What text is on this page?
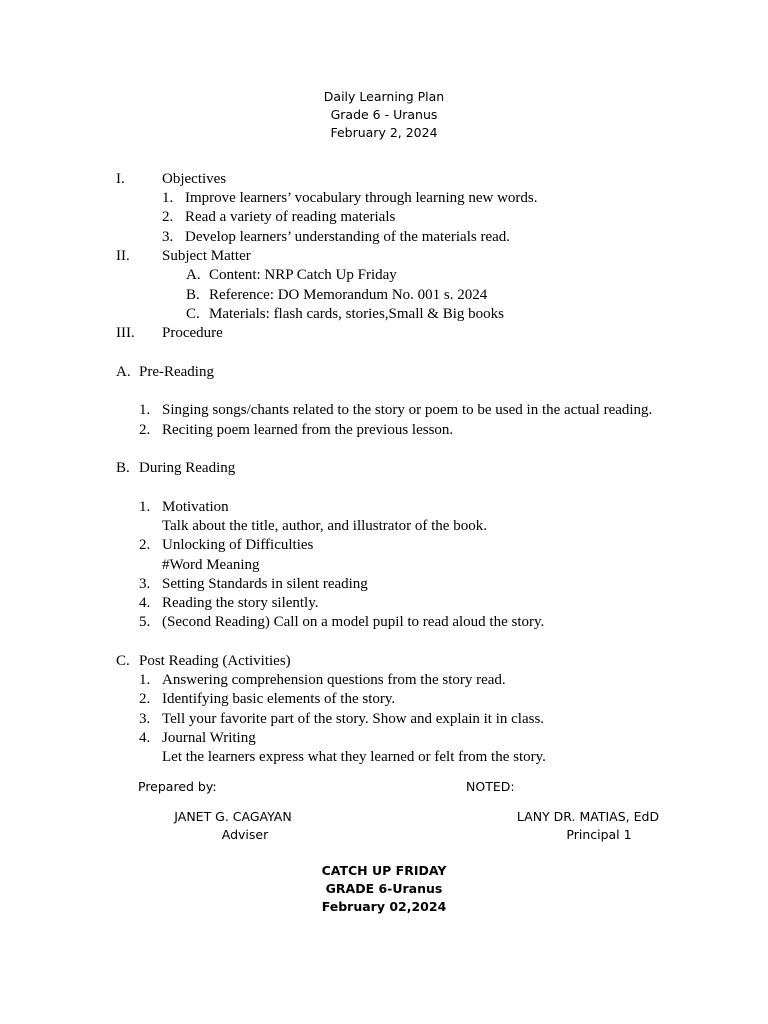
Daily Learning Plan
Grade 6 - Uranus
February 2, 2024
I. Objectives
1. Improve learners’ vocabulary through learning new words.
2. Read a variety of reading materials
3. Develop learners’ understanding of the materials read.
II. Subject Matter
A. Content: NRP Catch Up Friday
B. Reference: DO Memorandum No. 001 s. 2024
C. Materials: flash cards, stories,Small & Big books
III. Procedure
A. Pre-Reading
1. Singing songs/chants related to the story or poem to be used in the actual reading.
2. Reciting poem learned from the previous lesson.
B. During Reading
1. Motivation
Talk about the title, author, and illustrator of the book.
2. Unlocking of Difficulties
#Word Meaning
3. Setting Standards in silent reading
4. Reading the story silently.
5. (Second Reading) Call on a model pupil to read aloud the story.
C. Post Reading (Activities)
1. Answering comprehension questions from the story read.
2. Identifying basic elements of the story.
3. Tell your favorite part of the story. Show and explain it in class.
4. Journal Writing
Let the learners express what they learned or felt from the story.
Prepared by:	NOTED:
JANET G. CAGAYAN
Adviser
LANY DR. MATIAS, EdD
Principal 1
CATCH UP FRIDAY
GRADE 6-Uranus
February 02,2024
